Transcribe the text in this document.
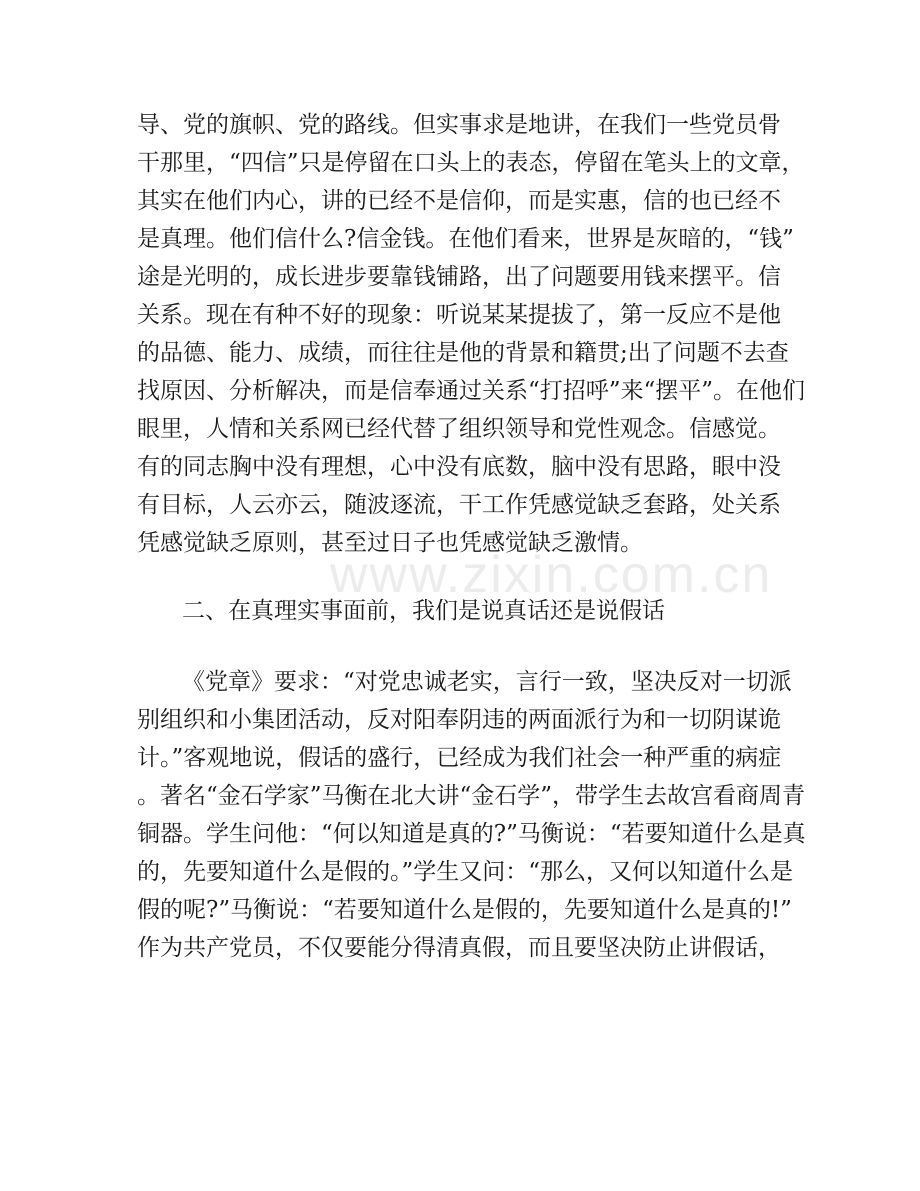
导、党的旗帜、党的路线。但实事求是地讲，在我们一些党员骨
干那里，“四信”只是停留在口头上的表态，停留在笔头上的文章，
其实在他们内心，讲的已经不是信仰，而是实惠，信的也已经不
是真理。他们信什么?信金钱。在他们看来，世界是灰暗的，“钱”
途是光明的，成长进步要靠钱铺路，出了问题要用钱来摆平。信
关系。现在有种不好的现象：听说某某提拔了，第一反应不是他
的品德、能力、成绩，而往往是他的背景和籍贯;出了问题不去查
找原因、分析解决，而是信奉通过关系“打招呼”来“摆平”。在他们
眼里，人情和关系网已经代替了组织领导和党性观念。信感觉。
有的同志胸中没有理想，心中没有底数，脑中没有思路，眼中没
有目标，人云亦云，随波逐流，干工作凭感觉缺乏套路，处关系
凭感觉缺乏原则，甚至过日子也凭感觉缺乏激情。
二、在真理实事面前，我们是说真话还是说假话
《党章》要求：“对党忠诚老实，言行一致，坚决反对一切派
别组织和小集团活动，反对阳奉阴违的两面派行为和一切阴谋诡
计。”客观地说，假话的盛行，已经成为我们社会一种严重的病症
。著名“金石学家”马衡在北大讲“金石学”，带学生去故宫看商周青
铜器。学生问他：“何以知道是真的?”马衡说：“若要知道什么是真
的，先要知道什么是假的。”学生又问：“那么，又何以知道什么是
假的呢?”马衡说：“若要知道什么是假的，先要知道什么是真的!”
作为共产党员，不仅要能分得清真假，而且要坚决防止讲假话，
www.zixin.com.cn
